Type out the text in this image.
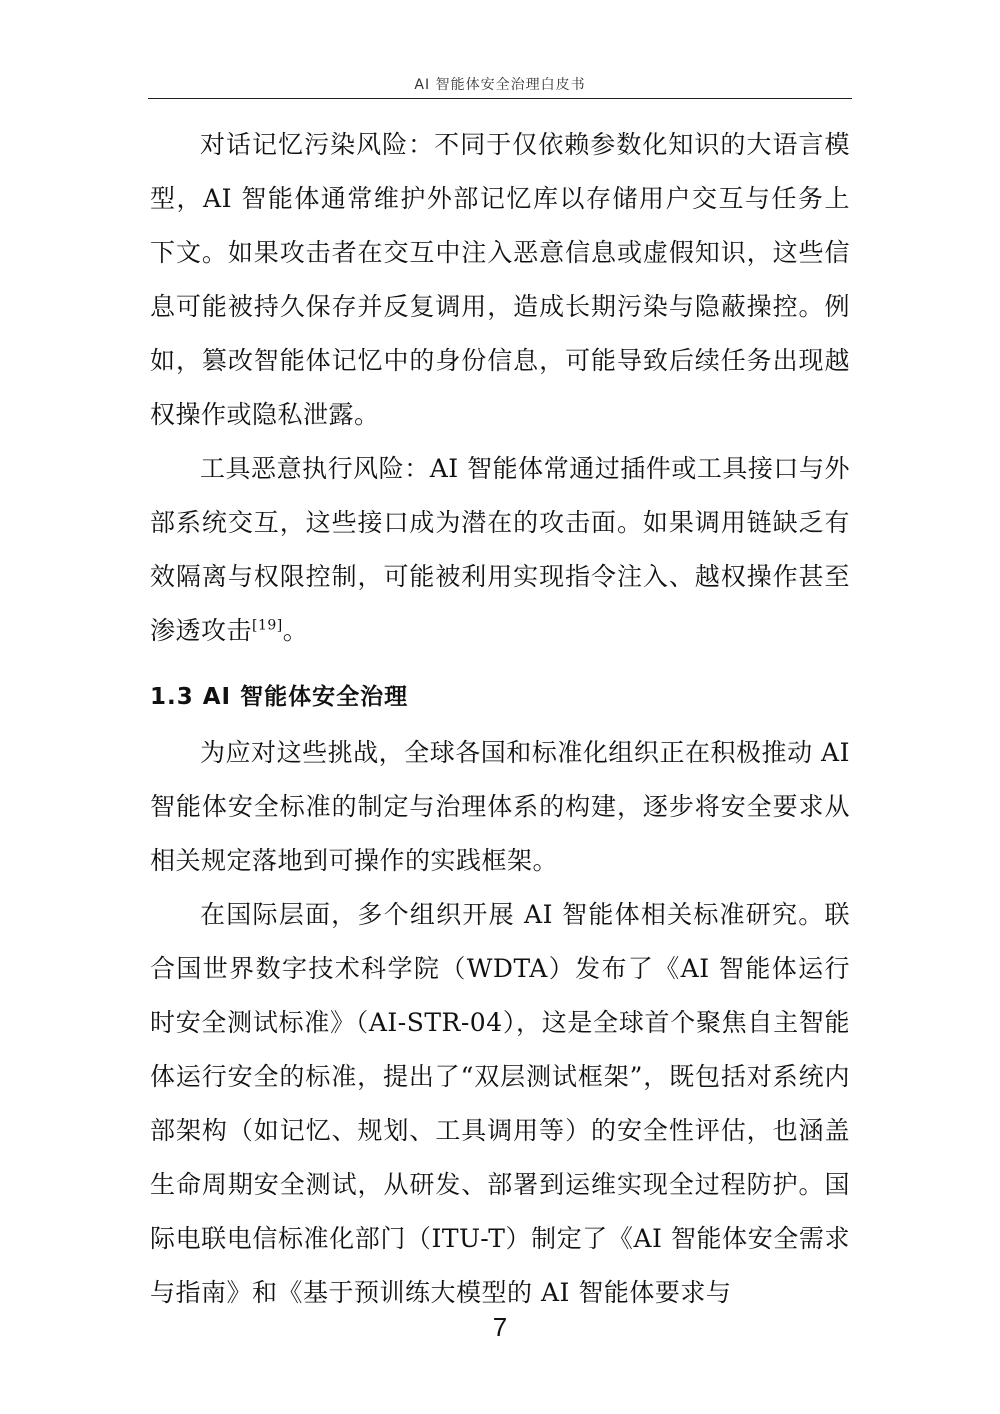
AI 智能体安全治理白皮书

对话记忆污染风险：不同于仅依赖参数化知识的大语言模型，AI 智能体通常维护外部记忆库以存储用户交互与任务上下文。如果攻击者在交互中注入恶意信息或虚假知识，这些信息可能被持久保存并反复调用，造成长期污染与隐蔽操控。例如，篡改智能体记忆中的身份信息，可能导致后续任务出现越权操作或隐私泄露。

工具恶意执行风险：AI 智能体常通过插件或工具接口与外部系统交互，这些接口成为潜在的攻击面。如果调用链缺乏有效隔离与权限控制，可能被利用实现指令注入、越权操作甚至渗透攻击[19]。

1.3 AI 智能体安全治理

为应对这些挑战，全球各国和标准化组织正在积极推动 AI 智能体安全标准的制定与治理体系的构建，逐步将安全要求从相关规定落地到可操作的实践框架。

在国际层面，多个组织开展 AI 智能体相关标准研究。联合国世界数字技术科学院（WDTA）发布了《AI 智能体运行时安全测试标准》（AI-STR-04），这是全球首个聚焦自主智能体运行安全的标准，提出了“双层测试框架”，既包括对系统内部架构（如记忆、规划、工具调用等）的安全性评估，也涵盖生命周期安全测试，从研发、部署到运维实现全过程防护。国际电联电信标准化部门（ITU-T）制定了《AI 智能体安全需求与指南》和《基于预训练大模型的 AI 智能体要求与

7
